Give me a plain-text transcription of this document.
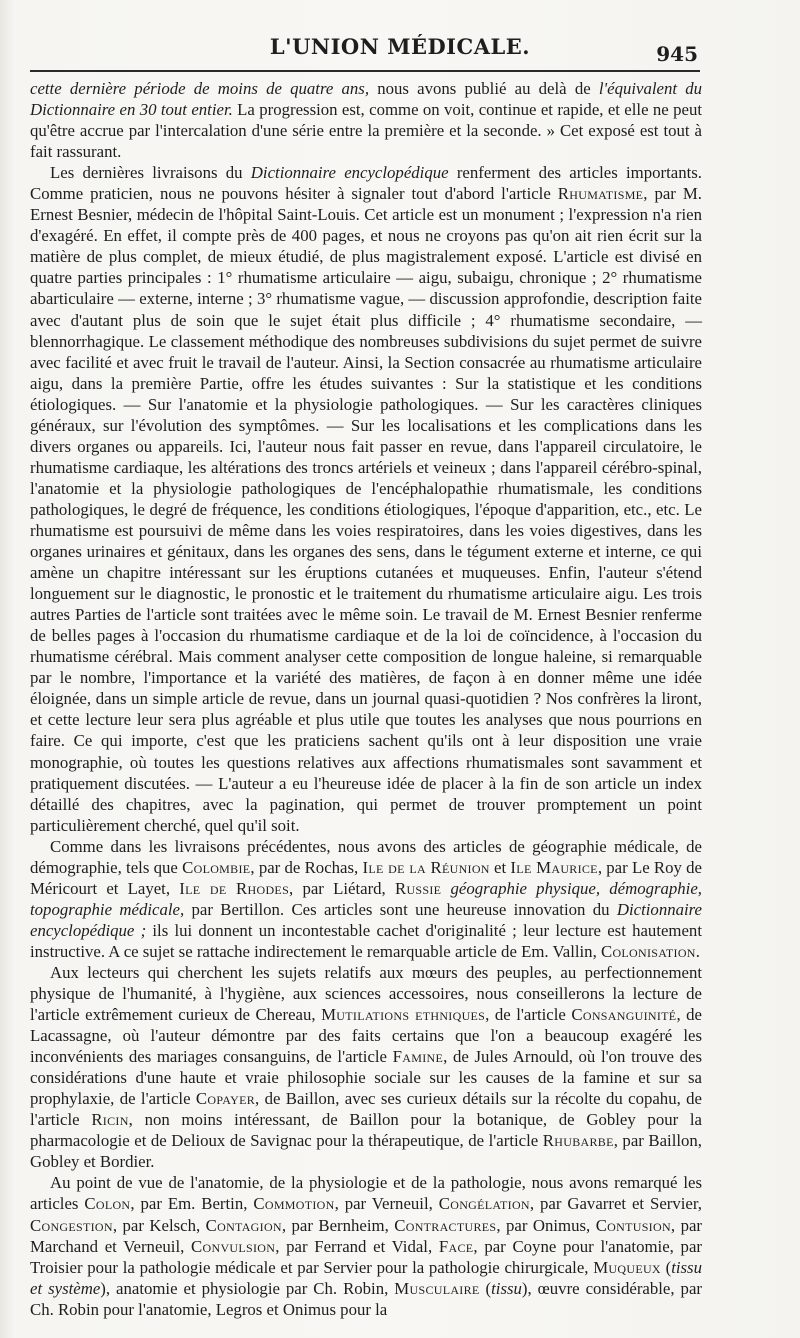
L'UNION MÉDICALE.	945

cette dernière période de moins de quatre ans, nous avons publié au delà de l'équivalent du Dictionnaire en 30 tout entier. La progression est, comme on voit, continue et rapide, et elle ne peut qu'être accrue par l'intercalation d'une série entre la première et la seconde. » Cet exposé est tout à fait rassurant.

Les dernières livraisons du Dictionnaire encyclopédique renferment des articles importants. Comme praticien, nous ne pouvons hésiter à signaler tout d'abord l'article Rhumatisme, par M. Ernest Besnier, médecin de l'hôpital Saint-Louis. Cet article est un monument ; l'expression n'a rien d'exagéré. En effet, il compte près de 400 pages, et nous ne croyons pas qu'on ait rien écrit sur la matière de plus complet, de mieux étudié, de plus magistralement exposé. L'article est divisé en quatre parties principales : 1° rhumatisme articulaire — aigu, subaigu, chronique ; 2° rhumatisme abarticulaire — externe, interne ; 3° rhumatisme vague, — discussion approfondie, description faite avec d'autant plus de soin que le sujet était plus difficile ; 4° rhumatisme secondaire, — blennorrhagique. Le classement méthodique des nombreuses subdivisions du sujet permet de suivre avec facilité et avec fruit le travail de l'auteur. Ainsi, la Section consacrée au rhumatisme articulaire aigu, dans la première Partie, offre les études suivantes : Sur la statistique et les conditions étiologiques. — Sur l'anatomie et la physiologie pathologiques. — Sur les caractères cliniques généraux, sur l'évolution des symptômes. — Sur les localisations et les complications dans les divers organes ou appareils. Ici, l'auteur nous fait passer en revue, dans l'appareil circulatoire, le rhumatisme cardiaque, les altérations des troncs artériels et veineux ; dans l'appareil cérébro-spinal, l'anatomie et la physiologie pathologiques de l'encéphalopathie rhumatismale, les conditions pathologiques, le degré de fréquence, les conditions étiologiques, l'époque d'apparition, etc., etc. Le rhumatisme est poursuivi de même dans les voies respiratoires, dans les voies digestives, dans les organes urinaires et génitaux, dans les organes des sens, dans le tégument externe et interne, ce qui amène un chapitre intéressant sur les éruptions cutanées et muqueuses. Enfin, l'auteur s'étend longuement sur le diagnostic, le pronostic et le traitement du rhumatisme articulaire aigu. Les trois autres Parties de l'article sont traitées avec le même soin. Le travail de M. Ernest Besnier renferme de belles pages à l'occasion du rhumatisme cardiaque et de la loi de coïncidence, à l'occasion du rhumatisme cérébral. Mais comment analyser cette composition de longue haleine, si remarquable par le nombre, l'importance et la variété des matières, de façon à en donner même une idée éloignée, dans un simple article de revue, dans un journal quasi-quotidien ? Nos confrères la liront, et cette lecture leur sera plus agréable et plus utile que toutes les analyses que nous pourrions en faire. Ce qui importe, c'est que les praticiens sachent qu'ils ont à leur disposition une vraie monographie, où toutes les questions relatives aux affections rhumatismales sont savamment et pratiquement discutées. — L'auteur a eu l'heureuse idée de placer à la fin de son article un index détaillé des chapitres, avec la pagination, qui permet de trouver promptement un point particulièrement cherché, quel qu'il soit.

Comme dans les livraisons précédentes, nous avons des articles de géographie médicale, de démographie, tels que Colombie, par de Rochas, Ile de la Réunion et Ile Maurice, par Le Roy de Méricourt et Layet, Ile de Rhodes, par Liétard, Russie géographie physique, démographie, topographie médicale, par Bertillon. Ces articles sont une heureuse innovation du Dictionnaire encyclopédique ; ils lui donnent un incontestable cachet d'originalité ; leur lecture est hautement instructive. A ce sujet se rattache indirectement le remarquable article de Em. Vallin, Colonisation.

Aux lecteurs qui cherchent les sujets relatifs aux mœurs des peuples, au perfectionnement physique de l'humanité, à l'hygiène, aux sciences accessoires, nous conseillerons la lecture de l'article extrêmement curieux de Chereau, Mutilations ethniques, de l'article Consanguinité, de Lacassagne, où l'auteur démontre par des faits certains que l'on a beaucoup exagéré les inconvénients des mariages consanguins, de l'article Famine, de Jules Arnould, où l'on trouve des considérations d'une haute et vraie philosophie sociale sur les causes de la famine et sur sa prophylaxie, de l'article Copayer, de Baillon, avec ses curieux détails sur la récolte du copahu, de l'article Ricin, non moins intéressant, de Baillon pour la botanique, de Gobley pour la pharmacologie et de Delioux de Savignac pour la thérapeutique, de l'article Rhubarbe, par Baillon, Gobley et Bordier.

Au point de vue de l'anatomie, de la physiologie et de la pathologie, nous avons remarqué les articles Colon, par Em. Bertin, Commotion, par Verneuil, Congélation, par Gavarret et Servier, Congestion, par Kelsch, Contagion, par Bernheim, Contractures, par Onimus, Contusion, par Marchand et Verneuil, Convulsion, par Ferrand et Vidal, Face, par Coyne pour l'anatomie, par Troisier pour la pathologie médicale et par Servier pour la pathologie chirurgicale, Muqueux (tissu et système), anatomie et physiologie par Ch. Robin, Musculaire (tissu), œuvre considérable, par Ch. Robin pour l'anatomie, Legros et Onimus pour la
